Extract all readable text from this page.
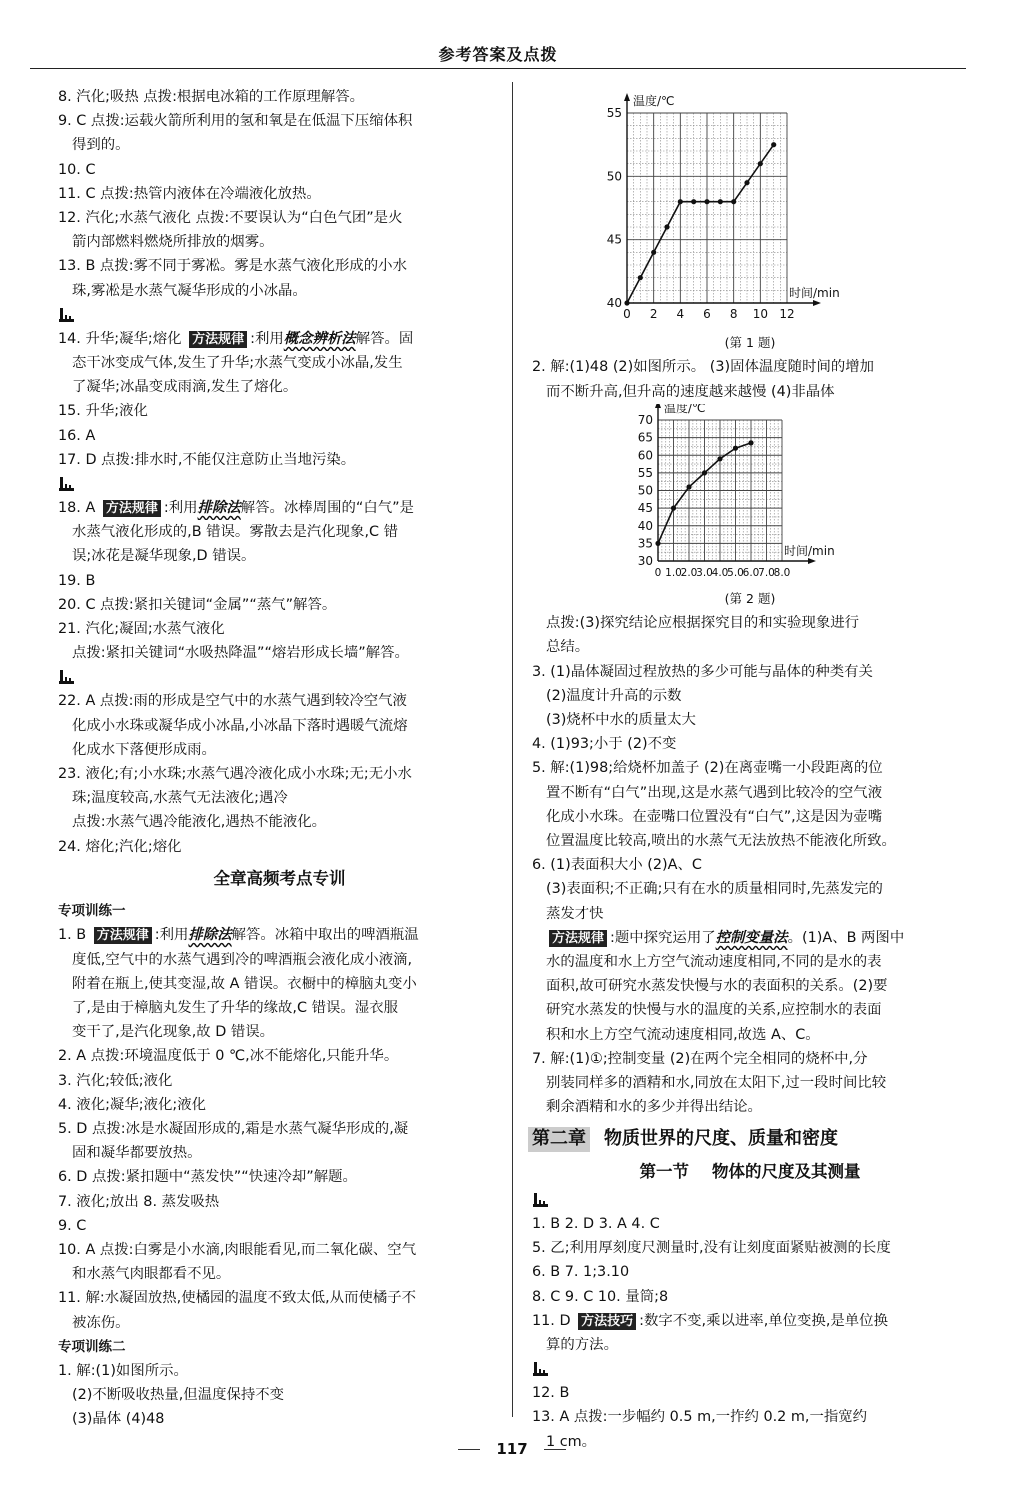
参考答案及点拨
8. 汽化;吸热 点拨:根据电冰箱的工作原理解答。
9. C 点拨:运载火箭所利用的氢和氧是在低温下压缩体积
得到的。
10. C
11. C 点拨:热管内液体在冷端液化放热。
12. 汽化;水蒸气液化 点拨:不要误认为“白色气团”是火
箭内部燃料燃烧所排放的烟雾。
13. B 点拨:雾不同于雾凇。雾是水蒸气液化形成的小水
珠,雾凇是水蒸气凝华形成的小冰晶。
14. 升华;凝华;熔化 方法规律 :利用概念辨析法解答。固
态干冰变成气体,发生了升华;水蒸气变成小冰晶,发生
了凝华;冰晶变成雨滴,发生了熔化。
15. 升华;液化
16. A
17. D 点拨:排水时,不能仅注意防止当地污染。
18. A 方法规律 :利用排除法解答。冰棒周围的“白气”是
水蒸气液化形成的,B 错误。雾散去是汽化现象,C 错
误;冰花是凝华现象,D 错误。
19. B
20. C 点拨:紧扣关键词“金属”“蒸气”解答。
21. 汽化;凝固;水蒸气液化
点拨:紧扣关键词“水吸热降温”“熔岩形成长墙”解答。
22. A 点拨:雨的形成是空气中的水蒸气遇到较冷空气液
化成小水珠或凝华成小冰晶,小冰晶下落时遇暖气流熔
化成水下落便形成雨。
23. 液化;有;小水珠;水蒸气遇冷液化成小水珠;无;无小水
珠;温度较高,水蒸气无法液化;遇冷
点拨:水蒸气遇冷能液化,遇热不能液化。
24. 熔化;汽化;熔化
全章高频考点专训
专项训练一
1. B 方法规律 :利用排除法解答。冰箱中取出的啤酒瓶温
度低,空气中的水蒸气遇到冷的啤酒瓶会液化成小液滴,
附着在瓶上,使其变湿,故 A 错误。衣橱中的樟脑丸变小
了,是由于樟脑丸发生了升华的缘故,C 错误。湿衣服
变干了,是汽化现象,故 D 错误。
2. A 点拨:环境温度低于 0 ℃,冰不能熔化,只能升华。
3. 汽化;较低;液化
4. 液化;凝华;液化;液化
5. D 点拨:冰是水凝固形成的,霜是水蒸气凝华形成的,凝
固和凝华都要放热。
6. D 点拨:紧扣题中“蒸发快”“快速冷却”解题。
7. 液化;放出 8. 蒸发吸热
9. C
10. A 点拨:白雾是小水滴,肉眼能看见,而二氧化碳、空气
和水蒸气肉眼都看不见。
11. 解:水凝固放热,使橘园的温度不致太低,从而使橘子不
被冻伤。
专项训练二
1. 解:(1)如图所示。
(2)不断吸收热量,但温度保持不变
(3)晶体 (4)48
0 2 4 6 8 10 12
40
45
50
55
温度/℃
时间/min
(第 1 题)
2. 解:(1)48 (2)如图所示。 (3)固体温度随时间的增加
而不断升高,但升高的速度越来越慢 (4)非晶体
0 1.0
2.0
3.0
4.0
5.0
6.0
7.0
8.0
30
35
40
45
50
55
60
65
70
温度/℃
时间/min
(第 2 题)
点拨:(3)探究结论应根据探究目的和实验现象进行
总结。
3. (1)晶体凝固过程放热的多少可能与晶体的种类有关
(2)温度计升高的示数
(3)烧杯中水的质量太大
4. (1)93;小于 (2)不变
5. 解:(1)98;给烧杯加盖子 (2)在离壶嘴一小段距离的位
置不断有“白气”出现,这是水蒸气遇到比较冷的空气液
化成小水珠。在壶嘴口位置没有“白气”,这是因为壶嘴
位置温度比较高,喷出的水蒸气无法放热不能液化所致。
6. (1)表面积大小 (2)A、C
(3)表面积;不正确;只有在水的质量相同时,先蒸发完的
蒸发才快
方法规律 :题中探究运用了控制变量法。(1)A、B 两图中
水的温度和水上方空气流动速度相同,不同的是水的表
面积,故可研究水蒸发快慢与水的表面积的关系。(2)要
研究水蒸发的快慢与水的温度的关系,应控制水的表面
积和水上方空气流动速度相同,故选 A、C。
7. 解:(1)①;控制变量 (2)在两个完全相同的烧杯中,分
别装同样多的酒精和水,同放在太阳下,过一段时间比较
剩余酒精和水的多少并得出结论。
第二章 物质世界的尺度、质量和密度
第一节    物体的尺度及其测量
1. B 2. D 3. A 4. C
5. 乙;利用厚刻度尺测量时,没有让刻度面紧贴被测的长度
6. B 7. 1;3.10
8. C 9. C 10. 量筒;8
11. D 方法技巧 :数字不变,乘以进率,单位变换,是单位换
算的方法。
12. B
13. A 点拨:一步幅约 0.5 m,一拃约 0.2 m,一指宽约
1 cm。
117
